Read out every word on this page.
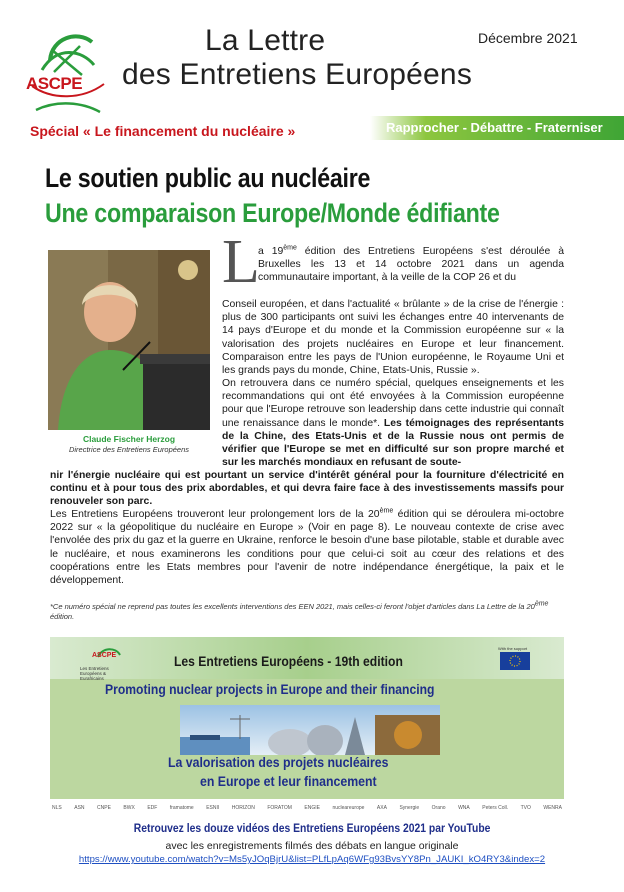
ASCPE
La Lettre
des Entretiens Européens
Décembre 2021
Spécial « Le financement du nucléaire »	Rapprocher - Débattre - Fraterniser
Le soutien public au nucléaire
Une comparaison Europe/Monde édifiante
Claude Fischer Herzog
Directrice des Entretiens Européens
L
a 19ème édition des Entretiens Européens s'est déroulée à Bruxelles les 13 et 14 octobre 2021 dans un agenda communautaire important, à la veille de la COP 26 et du
Conseil européen, et dans l'actualité « brûlante » de la crise de l'énergie : plus de 300 participants ont suivi les échanges entre 40 intervenants de 14 pays d'Europe et du monde et la Commission européenne sur « la valorisation des projets nucléaires en Europe et leur financement. Comparaison entre les pays de l'Union européenne, le Royaume Uni et les grands pays du monde, Chine, Etats-Unis, Russie ».
On retrouvera dans ce numéro spécial, quelques enseignements et les recommandations qui ont été envoyées à la Commission européenne pour que l'Europe retrouve son leadership dans cette industrie qui connaît une renaissance dans le monde*. Les témoignages des représentants de la Chine, des Etats-Unis et de la Russie nous ont permis de vérifier que l'Europe se met en difficulté sur son propre marché et sur les marchés mondiaux en refusant de soute-
nir l'énergie nucléaire qui est pourtant un service d'intérêt général pour la fourniture d'électricité en continu et à pour tous des prix abordables, et qui devra faire face à des investissements massifs pour renouveler son parc.
Les Entretiens Européens trouveront leur prolongement lors de la 20ème édition qui se déroulera mi-octobre 2022 sur « la géopolitique du nucléaire en Europe » (Voir en page 8). Le nouveau contexte de crise avec l'envolée des prix du gaz et la guerre en Ukraine, renforce le besoin d'une base pilotable, stable et durable avec le nucléaire, et nous examinerons les conditions pour que celui-ci soit au cœur des relations et des coopérations entre les Etats membres pour l'avenir de notre indépendance énergétique, la paix et le développement.
*Ce numéro spécial ne reprend pas toutes les excellents interventions des EEN 2021, mais celles-ci feront l'objet d'articles dans La Lettre de la 20ème édition.
ASCPE
Les Entretiens Européens & Eurafricains
Les Entretiens Européens - 19th edition
With the support
Promoting nuclear projects in Europe and their financing
La valorisation des projets nucléaires
en Europe et leur financement
NLS	ASN	CNPE	BWX	EDF	framatome	ESNII	HORIZON	FORATOM	ENGIE	nucleareurope	AXA	Synergie	Orano	WNA	Peters Coll.	TVO	WENRA
Retrouvez les douze vidéos des Entretiens Européens 2021 par YouTube
avec les enregistrements filmés des débats en langue originale
https://www.youtube.com/watch?v=Ms5yJOqBjrU&list=PLfLpAq6WFg93BvsYY8Pn_JAUKI_kO4RY3&index=2
